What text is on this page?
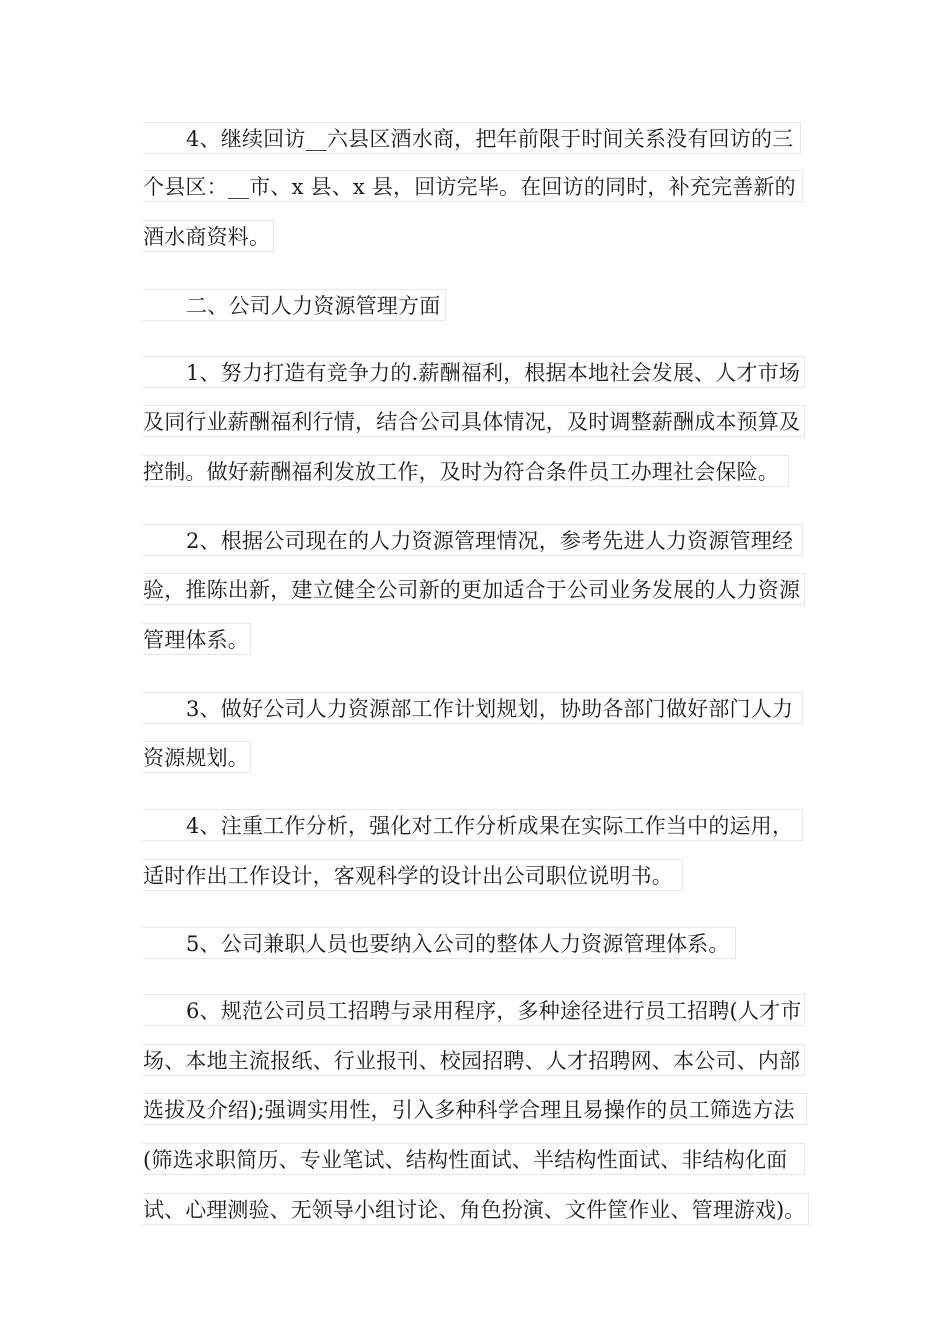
4、继续回访__六县区酒水商，把年前限于时间关系没有回访的三
个县区：__市、x 县、x 县，回访完毕。在回访的同时，补充完善新的
酒水商资料。
二、公司人力资源管理方面
1、努力打造有竞争力的.薪酬福利，根据本地社会发展、人才市场
及同行业薪酬福利行情，结合公司具体情况，及时调整薪酬成本预算及
控制。做好薪酬福利发放工作，及时为符合条件员工办理社会保险。
2、根据公司现在的人力资源管理情况，参考先进人力资源管理经
验，推陈出新，建立健全公司新的更加适合于公司业务发展的人力资源
管理体系。
3、做好公司人力资源部工作计划规划，协助各部门做好部门人力
资源规划。
4、注重工作分析，强化对工作分析成果在实际工作当中的运用，
适时作出工作设计，客观科学的设计出公司职位说明书。
5、公司兼职人员也要纳入公司的整体人力资源管理体系。
6、规范公司员工招聘与录用程序，多种途径进行员工招聘(人才市
场、本地主流报纸、行业报刊、校园招聘、人才招聘网、本公司、内部
选拔及介绍);强调实用性，引入多种科学合理且易操作的员工筛选方法
(筛选求职简历、专业笔试、结构性面试、半结构性面试、非结构化面
试、心理测验、无领导小组讨论、角色扮演、文件筐作业、管理游戏)。
